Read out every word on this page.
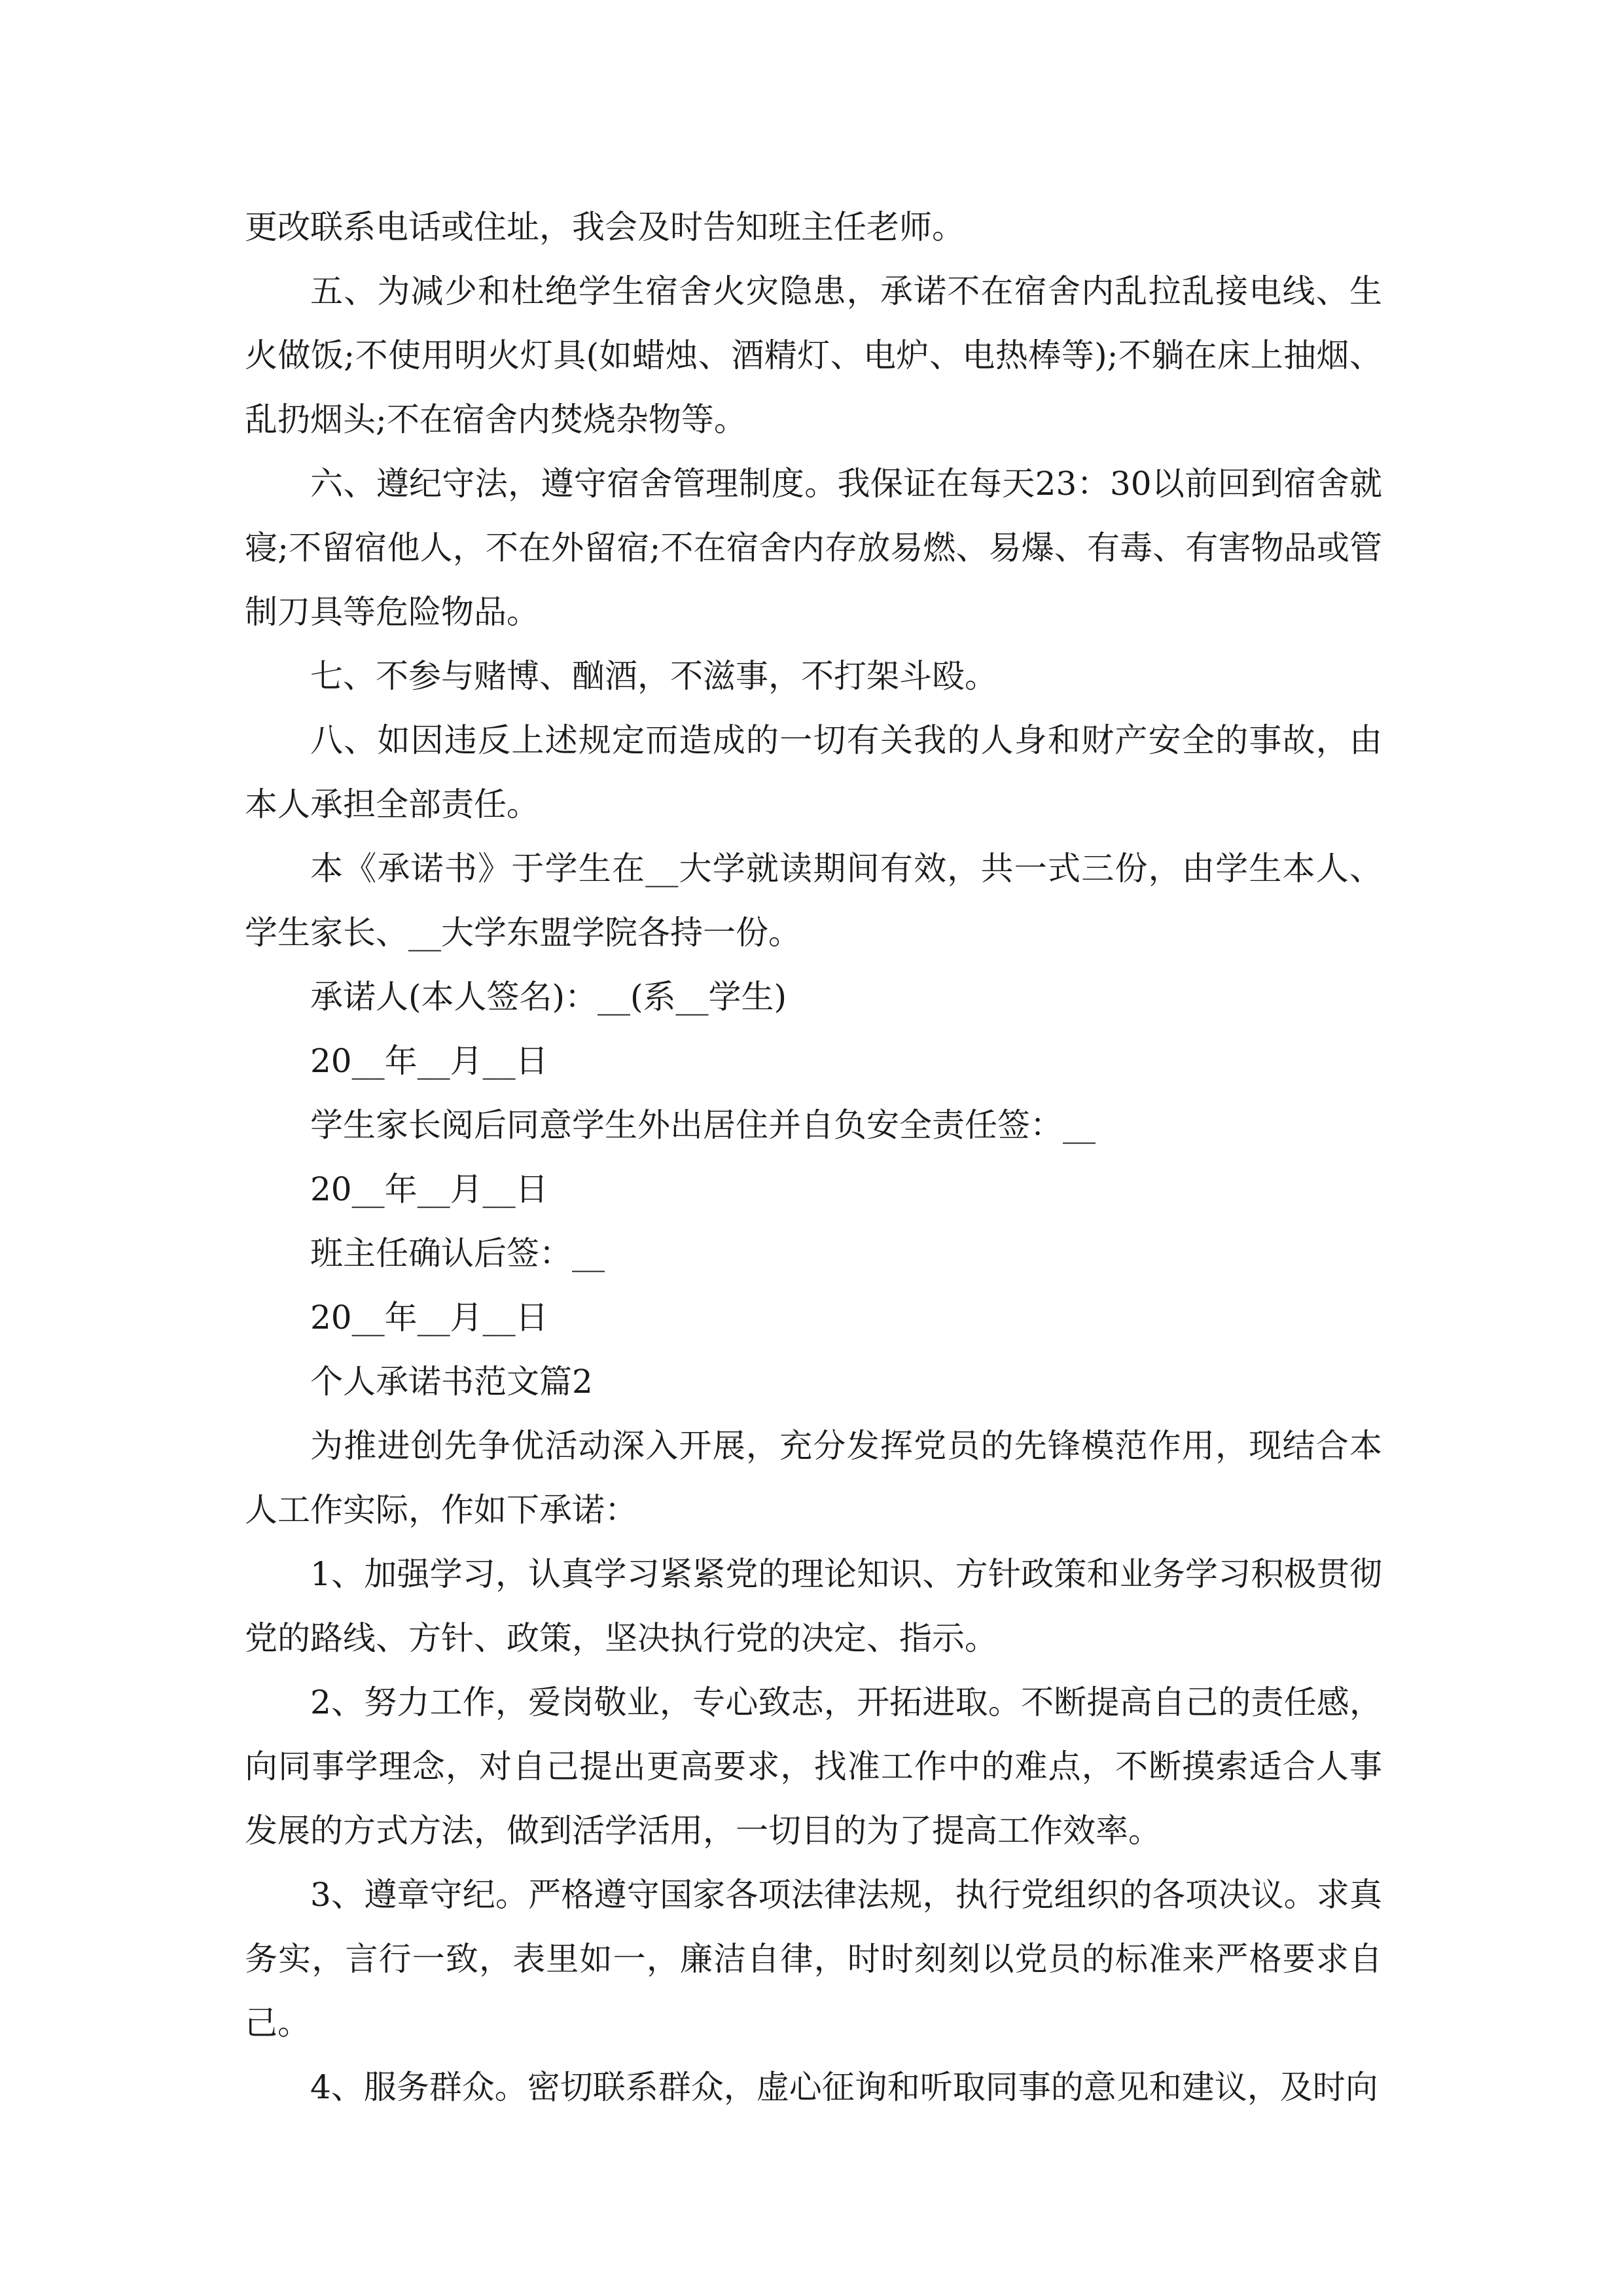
更改联系电话或住址，我会及时告知班主任老师。

五、为减少和杜绝学生宿舍火灾隐患，承诺不在宿舍内乱拉乱接电线、生火做饭;不使用明火灯具(如蜡烛、酒精灯、电炉、电热棒等);不躺在床上抽烟、乱扔烟头;不在宿舍内焚烧杂物等。

六、遵纪守法，遵守宿舍管理制度。我保证在每天23：30以前回到宿舍就寝;不留宿他人，不在外留宿;不在宿舍内存放易燃、易爆、有毒、有害物品或管制刀具等危险物品。

七、不参与赌博、酗酒，不滋事，不打架斗殴。

八、如因违反上述规定而造成的一切有关我的人身和财产安全的事故，由本人承担全部责任。

本《承诺书》于学生在__大学就读期间有效，共一式三份，由学生本人、学生家长、__大学东盟学院各持一份。

承诺人(本人签名)：__(系__学生)

20__年__月__日

学生家长阅后同意学生外出居住并自负安全责任签：__

20__年__月__日

班主任确认后签：__

20__年__月__日

个人承诺书范文篇2

为推进创先争优活动深入开展，充分发挥党员的先锋模范作用，现结合本人工作实际，作如下承诺：

1、加强学习，认真学习紧紧党的理论知识、方针政策和业务学习积极贯彻党的路线、方针、政策，坚决执行党的决定、指示。

2、努力工作，爱岗敬业，专心致志，开拓进取。不断提高自己的责任感，向同事学理念，对自己提出更高要求，找准工作中的难点，不断摸索适合人事发展的方式方法，做到活学活用，一切目的为了提高工作效率。

3、遵章守纪。严格遵守国家各项法律法规，执行党组织的各项决议。求真务实，言行一致，表里如一，廉洁自律，时时刻刻以党员的标准来严格要求自己。

4、服务群众。密切联系群众，虚心征询和听取同事的意见和建议，及时向
